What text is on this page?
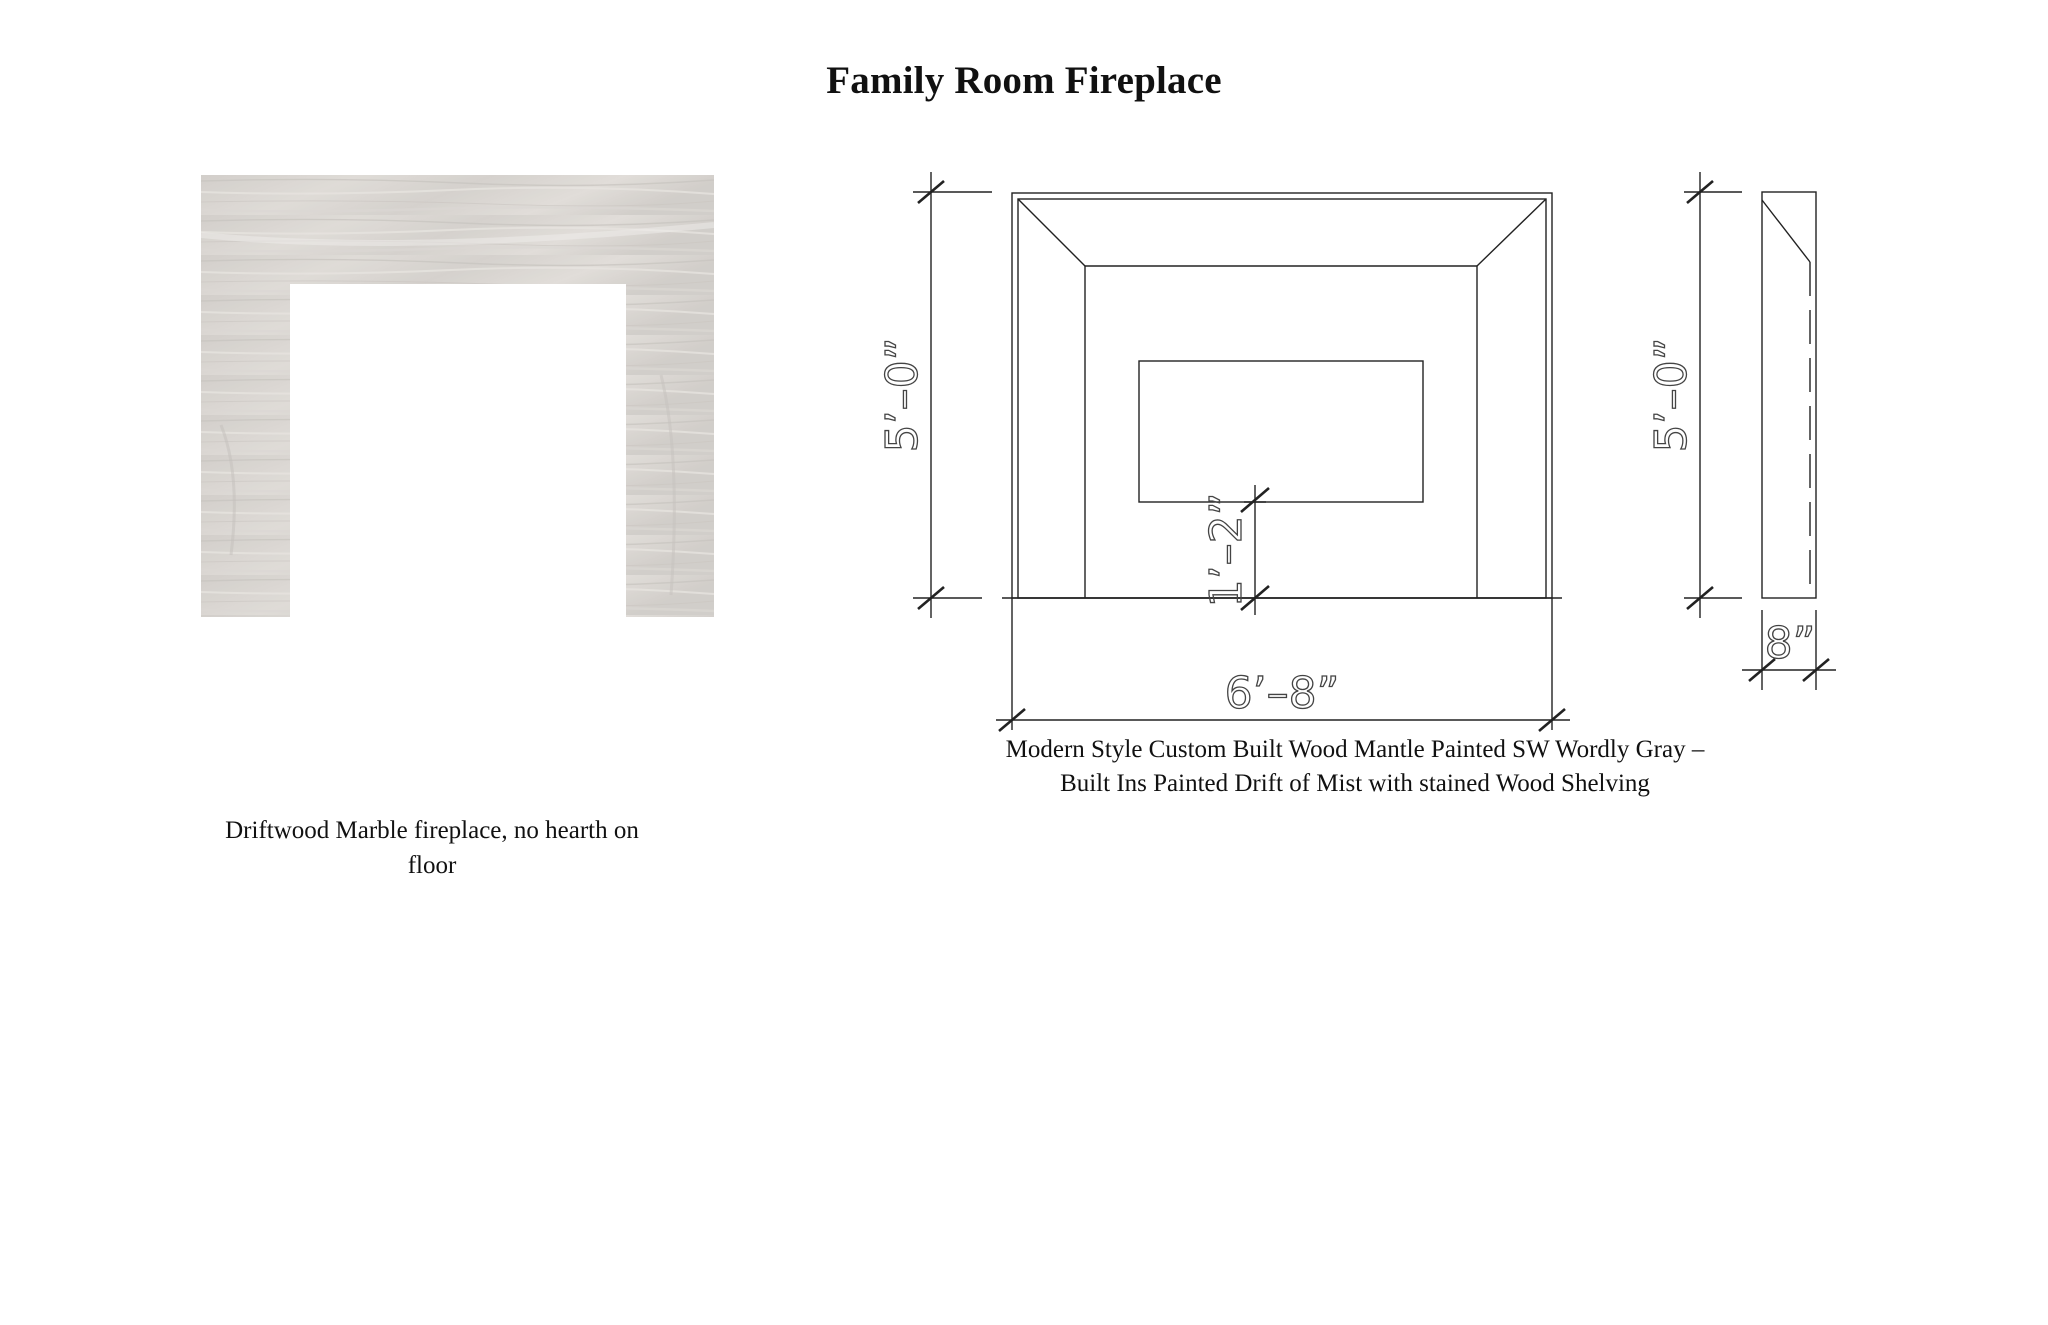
Family Room Fireplace
Driftwood Marble fireplace, no hearth on floor
5’–0”
1’–2”
6’–8”
5’–0”
8”
Modern Style Custom Built Wood Mantle Painted SW Wordly Gray –
Built Ins Painted Drift of Mist with stained Wood Shelving
